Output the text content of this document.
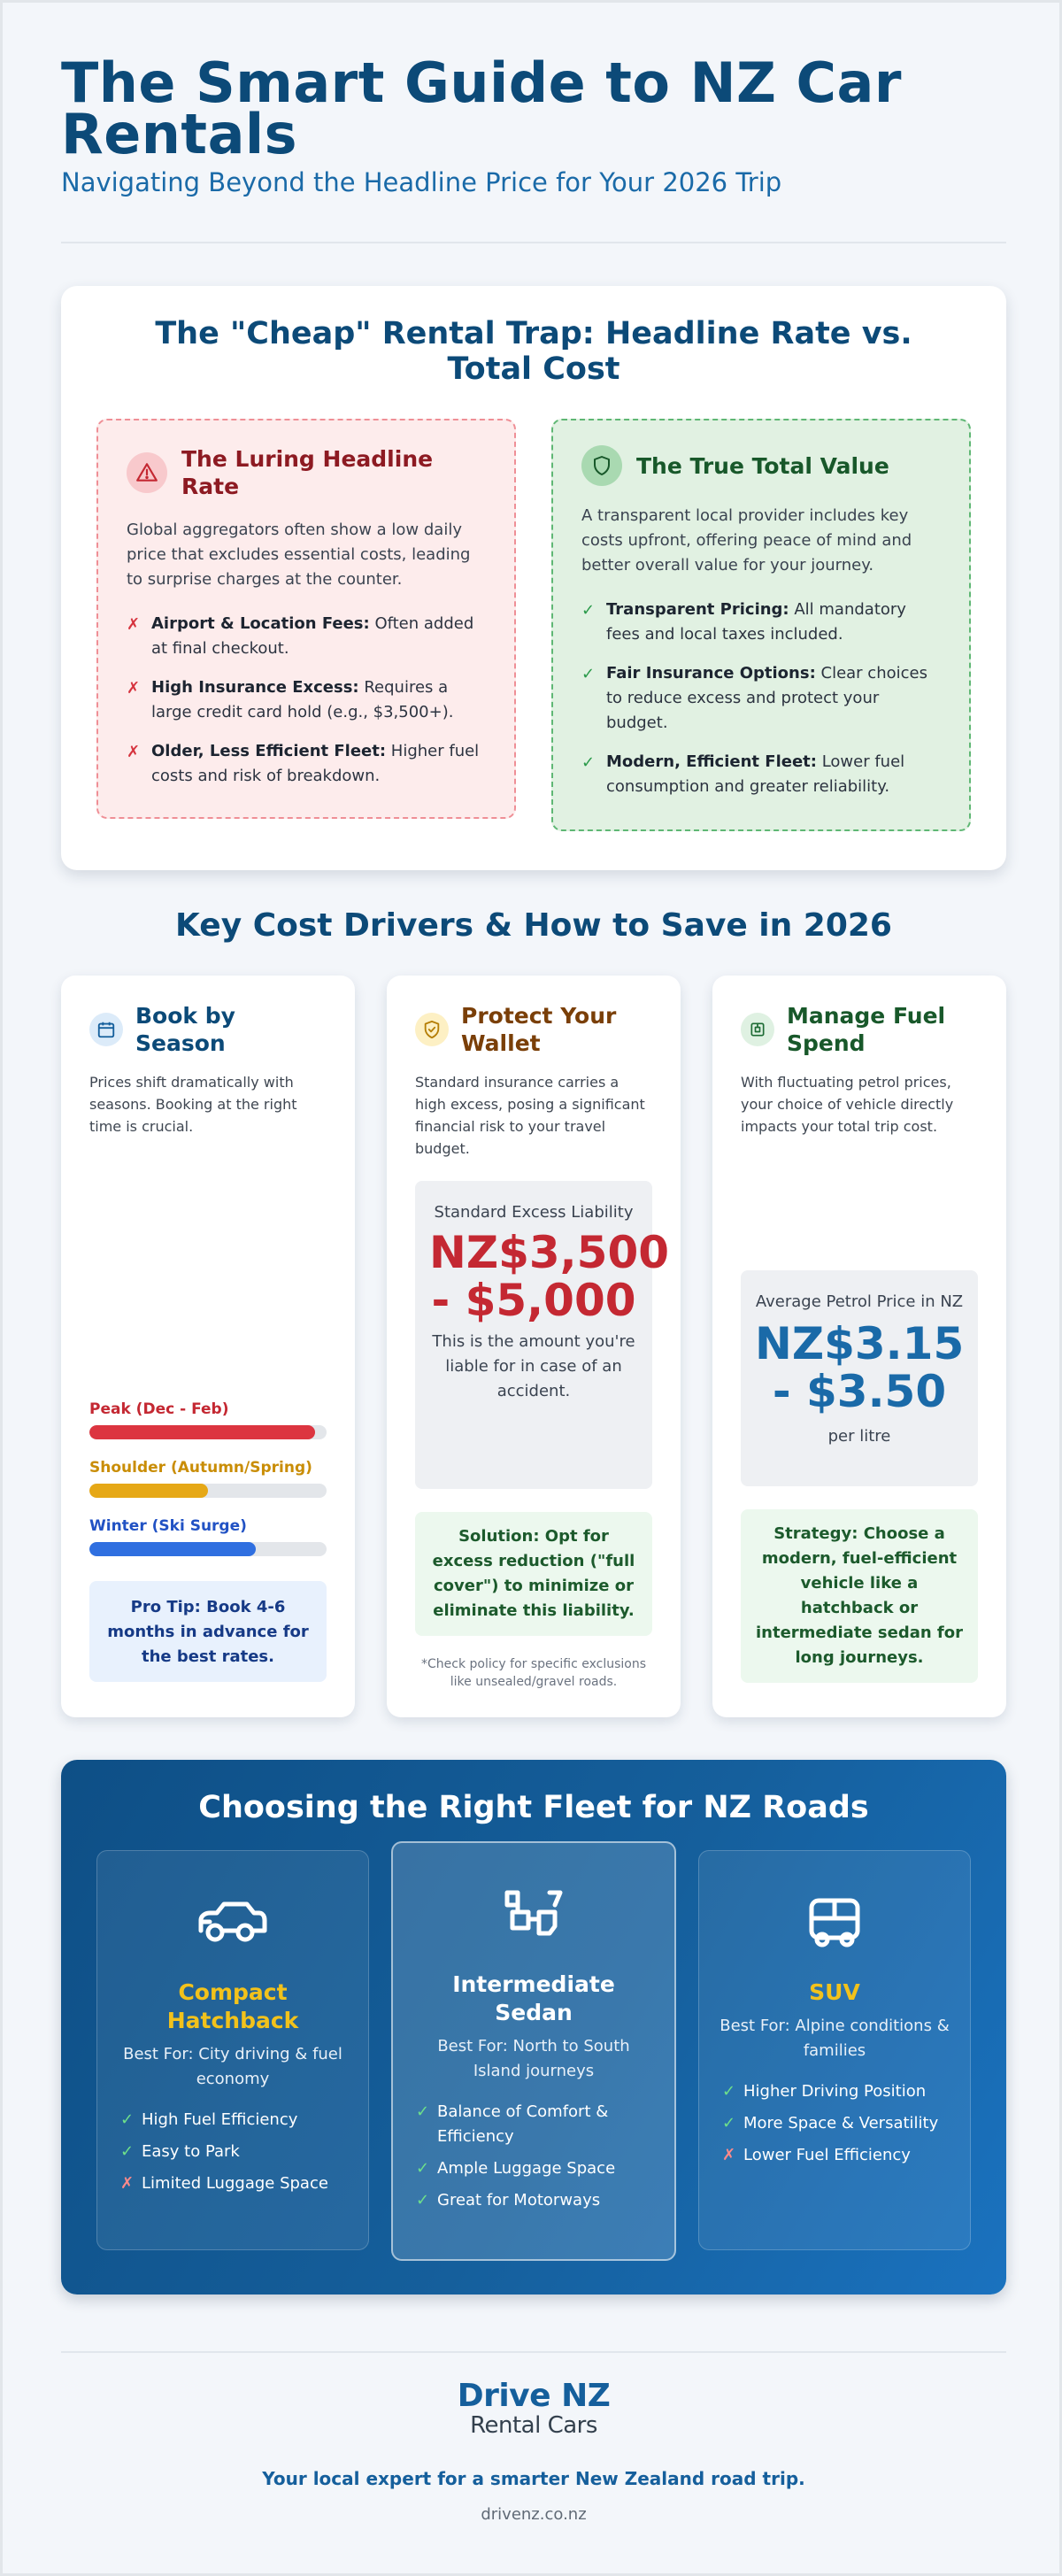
The Smart Guide to NZ Car Rentals
Navigating Beyond the Headline Price for Your 2026 Trip
The "Cheap" Rental Trap: Headline Rate vs. Total Cost
The Luring Headline Rate

Global aggregators often show a low daily price that excludes essential costs, leading to surprise charges at the counter.

✗ Airport & Location Fees: Often added at final checkout.
✗ High Insurance Excess: Requires a large credit card hold (e.g., $3,500+).
✗ Older, Less Efficient Fleet: Higher fuel costs and risk of breakdown.
The True Total Value

A transparent local provider includes key costs upfront, offering peace of mind and better overall value for your journey.

✓ Transparent Pricing: All mandatory fees and local taxes included.
✓ Fair Insurance Options: Clear choices to reduce excess and protect your budget.
✓ Modern, Efficient Fleet: Lower fuel consumption and greater reliability.
Key Cost Drivers & How to Save in 2026
Book by Season

Prices shift dramatically with seasons. Booking at the right time is crucial.

Peak (Dec - Feb)
Shoulder (Autumn/Spring)
Winter (Ski Surge)
Pro Tip: Book 4-6 months in advance for the best rates.
Protect Your Wallet

Standard insurance carries a high excess, posing a significant financial risk to your travel budget.

Standard Excess Liability
NZ$3,500 - $5,000
This is the amount you're liable for in case of an accident.
Solution: Opt for excess reduction ("full cover") to minimize or eliminate this liability.
*Check policy for specific exclusions like unsealed/gravel roads.
Manage Fuel Spend

With fluctuating petrol prices, your choice of vehicle directly impacts your total trip cost.

Average Petrol Price in NZ
NZ$3.15 - $3.50
per litre
Strategy: Choose a modern, fuel-efficient vehicle like a hatchback or intermediate sedan for long journeys.
Choosing the Right Fleet for NZ Roads
Compact Hatchback
Best For: City driving & fuel economy
✓ High Fuel Efficiency
✓ Easy to Park
✗ Limited Luggage Space
Intermediate Sedan
Best For: North to South Island journeys
✓ Balance of Comfort & Efficiency
✓ Ample Luggage Space
✓ Great for Motorways
SUV
Best For: Alpine conditions & families
✓ Higher Driving Position
✓ More Space & Versatility
✗ Lower Fuel Efficiency
Drive NZ
Rental Cars
Your local expert for a smarter New Zealand road trip.
drivenz.co.nz
